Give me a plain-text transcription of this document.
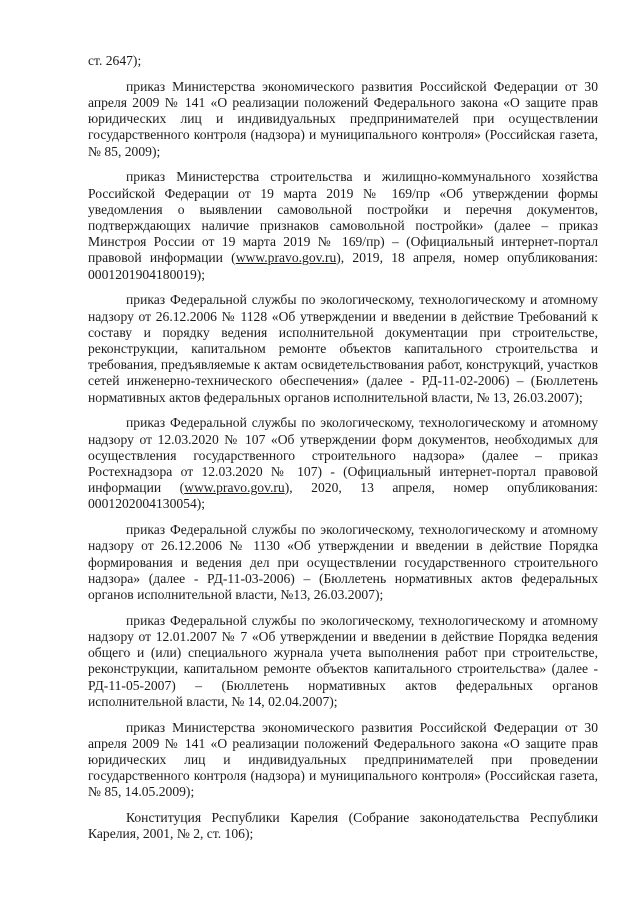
ст. 2647);

приказ Министерства экономического развития Российской Федерации от 30 апреля 2009 № 141 «О реализации положений Федерального закона «О защите прав юридических лиц и индивидуальных предпринимателей при осуществлении государственного контроля (надзора) и муниципального контроля» (Российская газета, № 85, 2009);

приказ Министерства строительства и жилищно-коммунального хозяйства Российской Федерации от 19 марта 2019 № 169/пр «Об утверждении формы уведомления о выявлении самовольной постройки и перечня документов, подтверждающих наличие признаков самовольной постройки» (далее – приказ Минстроя России от 19 марта 2019 № 169/пр) – (Официальный интернет-портал правовой информации (www.pravo.gov.ru), 2019, 18 апреля, номер опубликования: 0001201904180019);

приказ Федеральной службы по экологическому, технологическому и атомному надзору от 26.12.2006 № 1128 «Об утверждении и введении в действие Требований к составу и порядку ведения исполнительной документации при строительстве, реконструкции, капитальном ремонте объектов капитального строительства и требования, предъявляемые к актам освидетельствования работ, конструкций, участков сетей инженерно-технического обеспечения» (далее - РД-11-02-2006) – (Бюллетень нормативных актов федеральных органов исполнительной власти, № 13, 26.03.2007);

приказ Федеральной службы по экологическому, технологическому и атомному надзору от 12.03.2020 № 107 «Об утверждении форм документов, необходимых для осуществления государственного строительного надзора» (далее – приказ Ростехнадзора от 12.03.2020 № 107) - (Официальный интернет-портал правовой информации (www.pravo.gov.ru), 2020, 13 апреля, номер опубликования: 0001202004130054);

приказ Федеральной службы по экологическому, технологическому и атомному надзору от 26.12.2006 № 1130 «Об утверждении и введении в действие Порядка формирования и ведения дел при осуществлении государственного строительного надзора» (далее - РД-11-03-2006) – (Бюллетень нормативных актов федеральных органов исполнительной власти, №13, 26.03.2007);

приказ Федеральной службы по экологическому, технологическому и атомному надзору от 12.01.2007 № 7 «Об утверждении и введении в действие Порядка ведения общего и (или) специального журнала учета выполнения работ при строительстве, реконструкции, капитальном ремонте объектов капитального строительства» (далее - РД-11-05-2007) – (Бюллетень нормативных актов федеральных органов исполнительной власти, № 14, 02.04.2007);

приказ Министерства экономического развития Российской Федерации от 30 апреля 2009 № 141 «О реализации положений Федерального закона «О защите прав юридических лиц и индивидуальных предпринимателей при проведении государственного контроля (надзора) и муниципального контроля» (Российская газета, № 85, 14.05.2009);

Конституция Республики Карелия (Собрание законодательства Республики Карелия, 2001, № 2, ст. 106);
